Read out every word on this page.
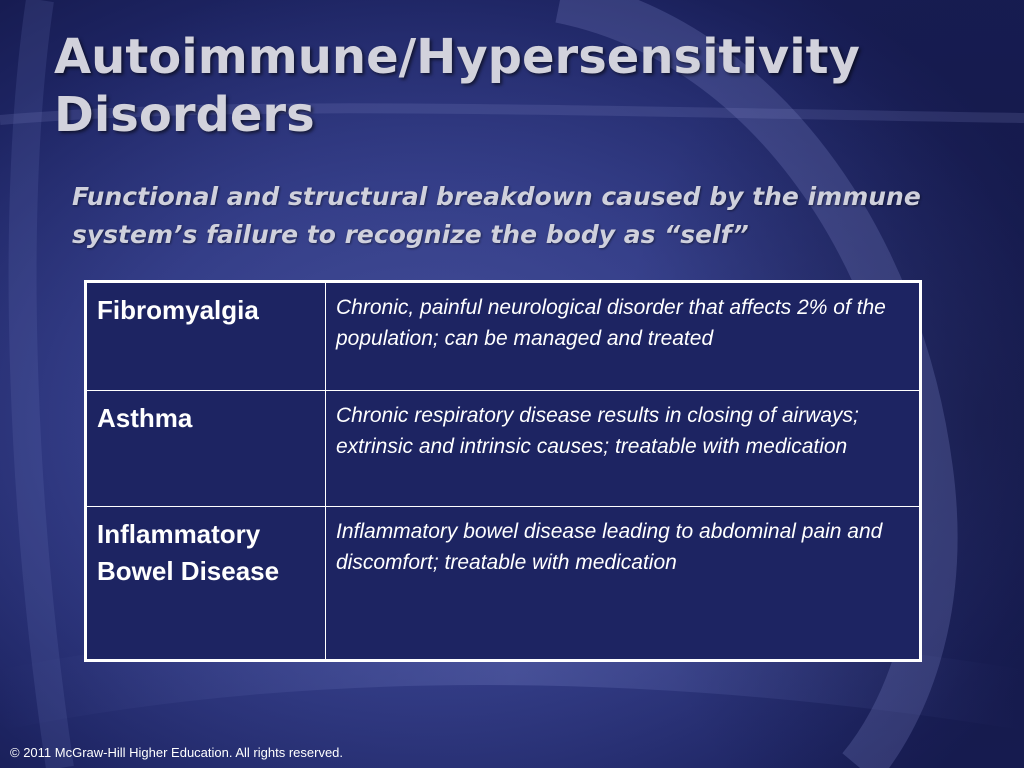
Autoimmune/Hypersensitivity Disorders

Functional and structural breakdown caused by the immune system’s failure to recognize the body as “self”

Fibromyalgia	Chronic, painful neurological disorder that affects 2% of the population; can be managed and treated
Asthma	Chronic respiratory disease results in closing of airways; extrinsic and intrinsic causes; treatable with medication
Inflammatory Bowel Disease	Inflammatory bowel disease leading to abdominal pain and discomfort; treatable with medication
© 2011 McGraw-Hill Higher Education. All rights reserved.
